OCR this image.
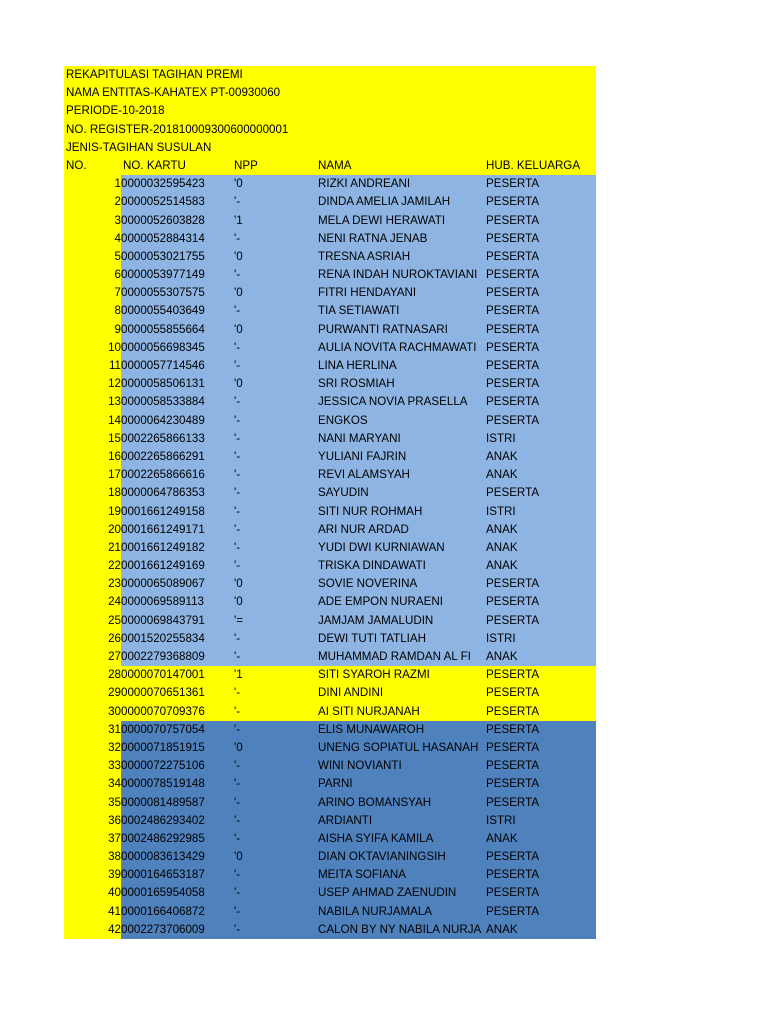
REKAPITULASI TAGIHAN PREMI
NAMA ENTITAS-KAHATEX PT-00930060
PERIODE-10-2018
NO. REGISTER-201810009300600000001
JENIS-TAGIHAN SUSULAN
NO.	NO. KARTU	NPP	NAMA	HUB. KELUARGA
1 0000032595423	'0	RIZKI ANDREANI	PESERTA
2 0000052514583	'-	DINDA AMELIA JAMILAH	PESERTA
3 0000052603828	'1	MELA DEWI HERAWATI	PESERTA
4 0000052884314	'-	NENI RATNA JENAB	PESERTA
5 0000053021755	'0	TRESNA ASRIAH	PESERTA
6 0000053977149	'-	RENA INDAH NUROKTAVIANI PESERTA
7 0000055307575	'0	FITRI HENDAYANI	PESERTA
8 0000055403649	'-	TIA SETIAWATI	PESERTA
9 0000055855664	'0	PURWANTI RATNASARI	PESERTA
10 0000056698345	'-	AULIA NOVITA RACHMAWATI PESERTA
11 0000057714546	'-	LINA HERLINA	PESERTA
12 0000058506131	'0	SRI ROSMIAH	PESERTA
13 0000058533884	'-	JESSICA NOVIA PRASELLA	PESERTA
14 0000064230489	'-	ENGKOS	PESERTA
15 0002265866133	'-	NANI MARYANI	ISTRI
16 0002265866291	'-	YULIANI FAJRIN	ANAK
17 0002265866616	'-	REVI ALAMSYAH	ANAK
18 0000064786353	'-	SAYUDIN	PESERTA
19 0001661249158	'-	SITI NUR ROHMAH	ISTRI
20 0001661249171	'-	ARI NUR ARDAD	ANAK
21 0001661249182	'-	YUDI DWI KURNIAWAN	ANAK
22 0001661249169	'-	TRISKA DINDAWATI	ANAK
23 0000065089067	'0	SOVIE NOVERINA	PESERTA
24 0000069589113	'0	ADE EMPON NURAENI	PESERTA
25 0000069843791	'=	JAMJAM JAMALUDIN	PESERTA
26 0001520255834	'-	DEWI TUTI TATLIAH	ISTRI
27 0002279368809	'-	MUHAMMAD RAMDAN AL FI	ANAK
28 0000070147001	'1	SITI SYAROH RAZMI	PESERTA
29 0000070651361	'-	DINI ANDINI	PESERTA
30 0000070709376	'-	AI SITI NURJANAH	PESERTA
31 0000070757054	'-	ELIS MUNAWAROH	PESERTA
32 0000071851915	'0	UNENG SOPIATUL HASANAH PESERTA
33 0000072275106	'-	WINI NOVIANTI	PESERTA
34 0000078519148	'-	PARNI	PESERTA
35 0000081489587	'-	ARINO BOMANSYAH	PESERTA
36 0002486293402	'-	ARDIANTI	ISTRI
37 0002486292985	'-	AISHA SYIFA KAMILA	ANAK
38 0000083613429	'0	DIAN OKTAVIANINGSIH	PESERTA
39 0000164653187	'-	MEITA SOFIANA	PESERTA
40 0000165954058	'-	USEP AHMAD ZAENUDIN	PESERTA
41 0000166406872	'-	NABILA NURJAMALA	PESERTA
42 0002273706009	'-	CALON BY NY NABILA NURJA ANAK
